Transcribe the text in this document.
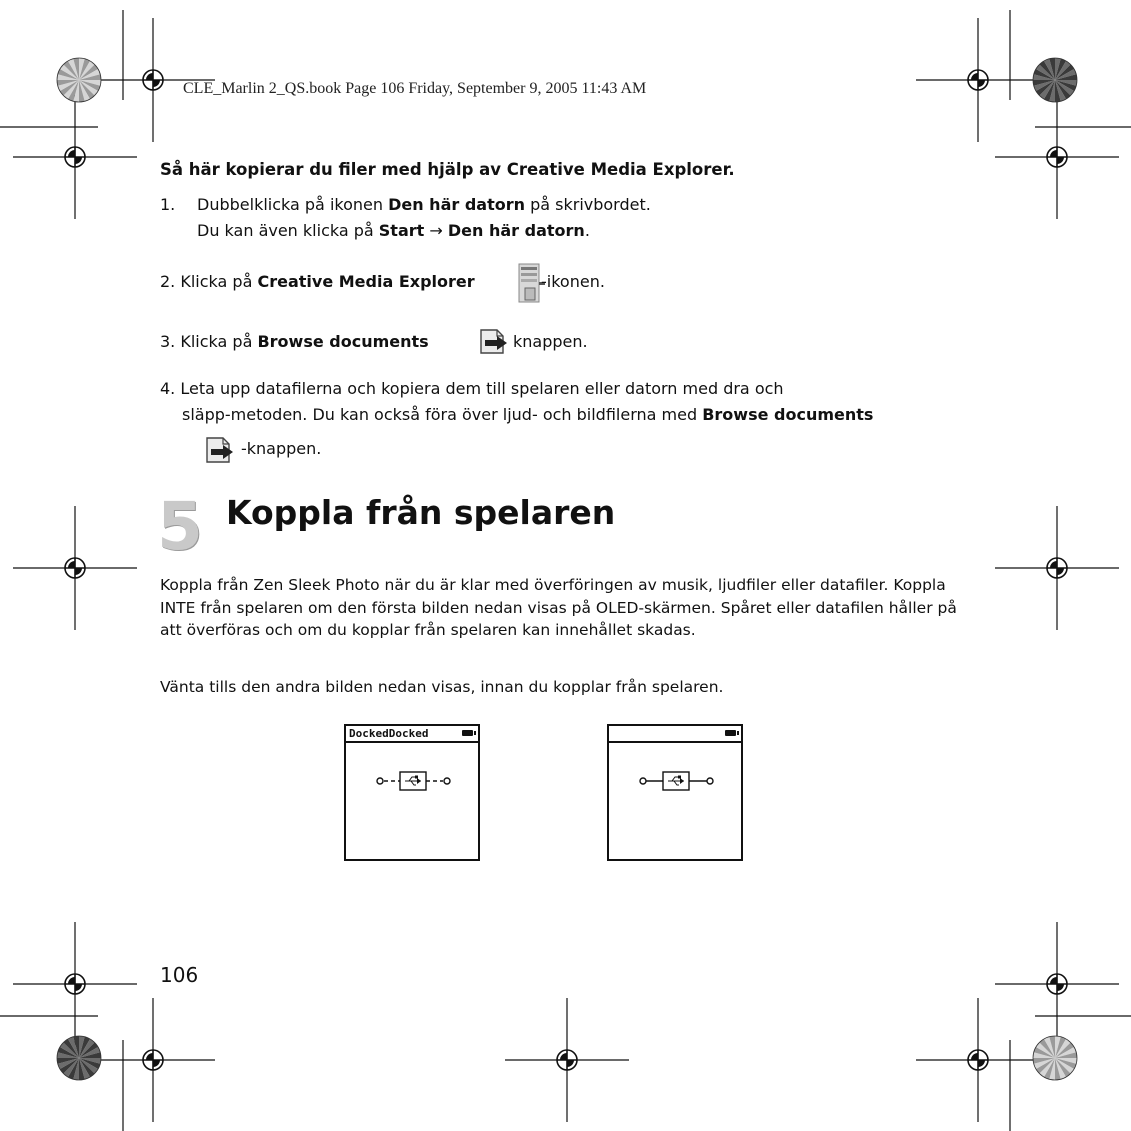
CLE_Marlin 2_QS.book Page 106 Friday, September 9, 2005 11:43 AM
Så här kopierar du filer med hjälp av Creative Media Explorer.
1. Dubbelklicka på ikonen Den här datorn på skrivbordet.
Du kan även klicka på Start → Den här datorn.
2. Klicka på Creative Media Explorer	-ikonen.
3. Klicka på Browse documents	knappen.
4. Leta upp datafilerna och kopiera dem till spelaren eller datorn med dra och
släpp-metoden. Du kan också föra över ljud- och bildfilerna med Browse documents
-knappen.
5 Koppla från spelaren
Koppla från Zen Sleek Photo när du är klar med överföringen av musik, ljudfiler eller datafiler. Koppla INTE från spelaren om den första bilden nedan visas på OLED-skärmen. Spåret eller datafilen håller på att överföras och om du kopplar från spelaren kan innehållet skadas.
Vänta tills den andra bilden nedan visas, innan du kopplar från spelaren.
DockedDocked
106
